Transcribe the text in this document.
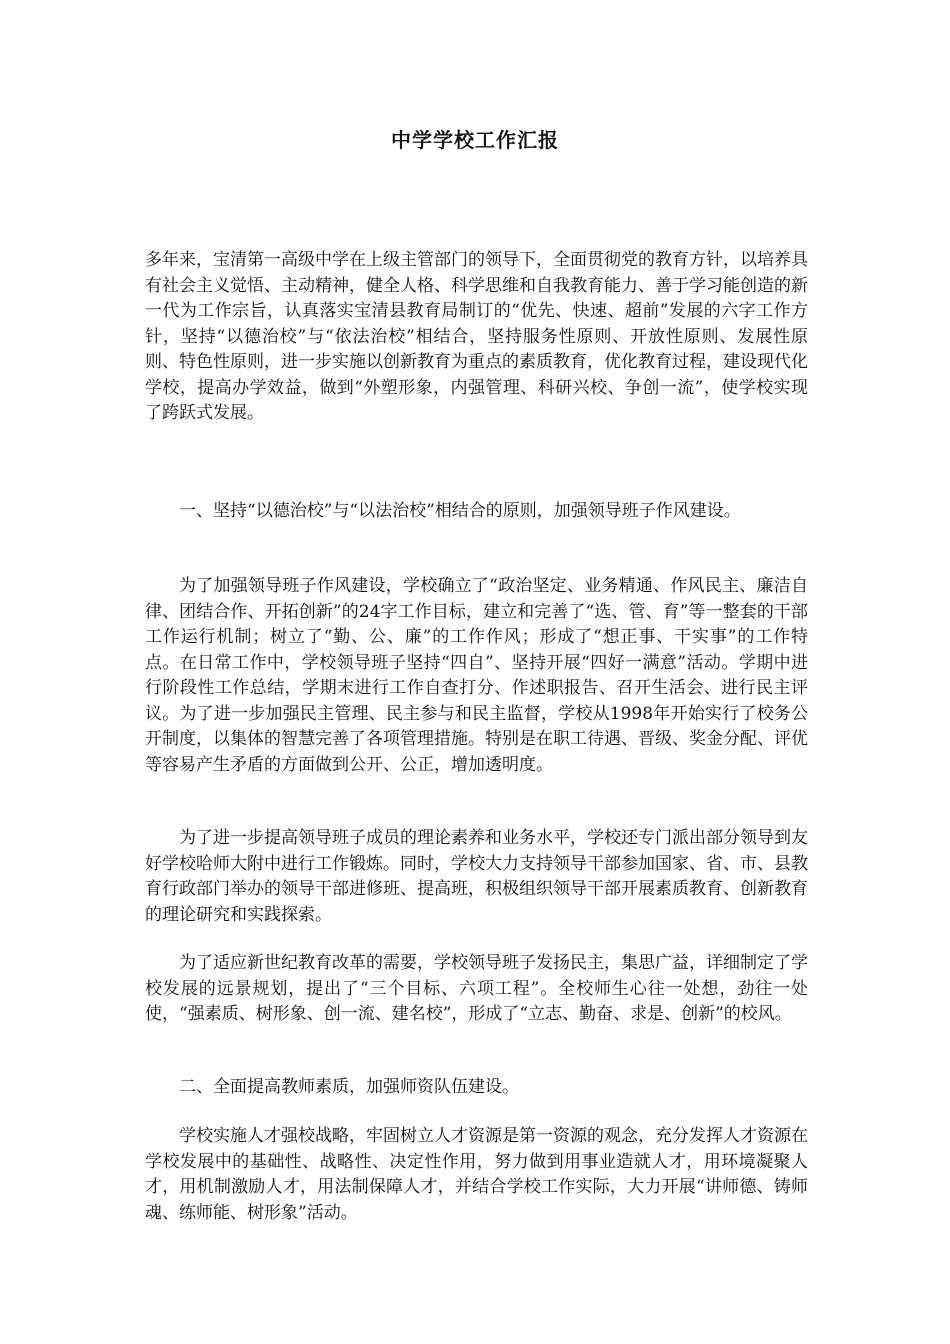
中学学校工作汇报

多年来，宝清第一高级中学在上级主管部门的领导下，全面贯彻党的教育方针，以培养具有社会主义觉悟、主动精神，健全人格、科学思维和自我教育能力、善于学习能创造的新一代为工作宗旨，认真落实宝清县教育局制订的“优先、快速、超前”发展的六字工作方针，坚持“以德治校”与“依法治校”相结合，坚持服务性原则、开放性原则、发展性原则、特色性原则，进一步实施以创新教育为重点的素质教育，优化教育过程，建设现代化学校，提高办学效益，做到“外塑形象，内强管理、科研兴校、争创一流”，使学校实现了跨跃式发展。

一、坚持“以德治校”与“以法治校”相结合的原则，加强领导班子作风建设。

为了加强领导班子作风建设，学校确立了“政治坚定、业务精通、作风民主、廉洁自律、团结合作、开拓创新”的24字工作目标，建立和完善了“选、管、育”等一整套的干部工作运行机制；树立了“勤、公、廉”的工作作风；形成了“想正事、干实事”的工作特点。在日常工作中，学校领导班子坚持“四自”、坚持开展“四好一满意”活动。学期中进行阶段性工作总结，学期末进行工作自查打分、作述职报告、召开生活会、进行民主评议。为了进一步加强民主管理、民主参与和民主监督，学校从1998年开始实行了校务公开制度，以集体的智慧完善了各项管理措施。特别是在职工待遇、晋级、奖金分配、评优等容易产生矛盾的方面做到公开、公正，增加透明度。

为了进一步提高领导班子成员的理论素养和业务水平，学校还专门派出部分领导到友好学校哈师大附中进行工作锻炼。同时，学校大力支持领导干部参加国家、省、市、县教育行政部门举办的领导干部进修班、提高班，积极组织领导干部开展素质教育、创新教育的理论研究和实践探索。

为了适应新世纪教育改革的需要，学校领导班子发扬民主，集思广益，详细制定了学校发展的远景规划，提出了“三个目标、六项工程”。全校师生心往一处想，劲往一处使，“强素质、树形象、创一流、建名校”，形成了“立志、勤奋、求是、创新”的校风。

二、全面提高教师素质，加强师资队伍建设。

学校实施人才强校战略，牢固树立人才资源是第一资源的观念，充分发挥人才资源在学校发展中的基础性、战略性、决定性作用，努力做到用事业造就人才，用环境凝聚人才，用机制激励人才，用法制保障人才，并结合学校工作实际，大力开展“讲师德、铸师魂、练师能、树形象”活动。
